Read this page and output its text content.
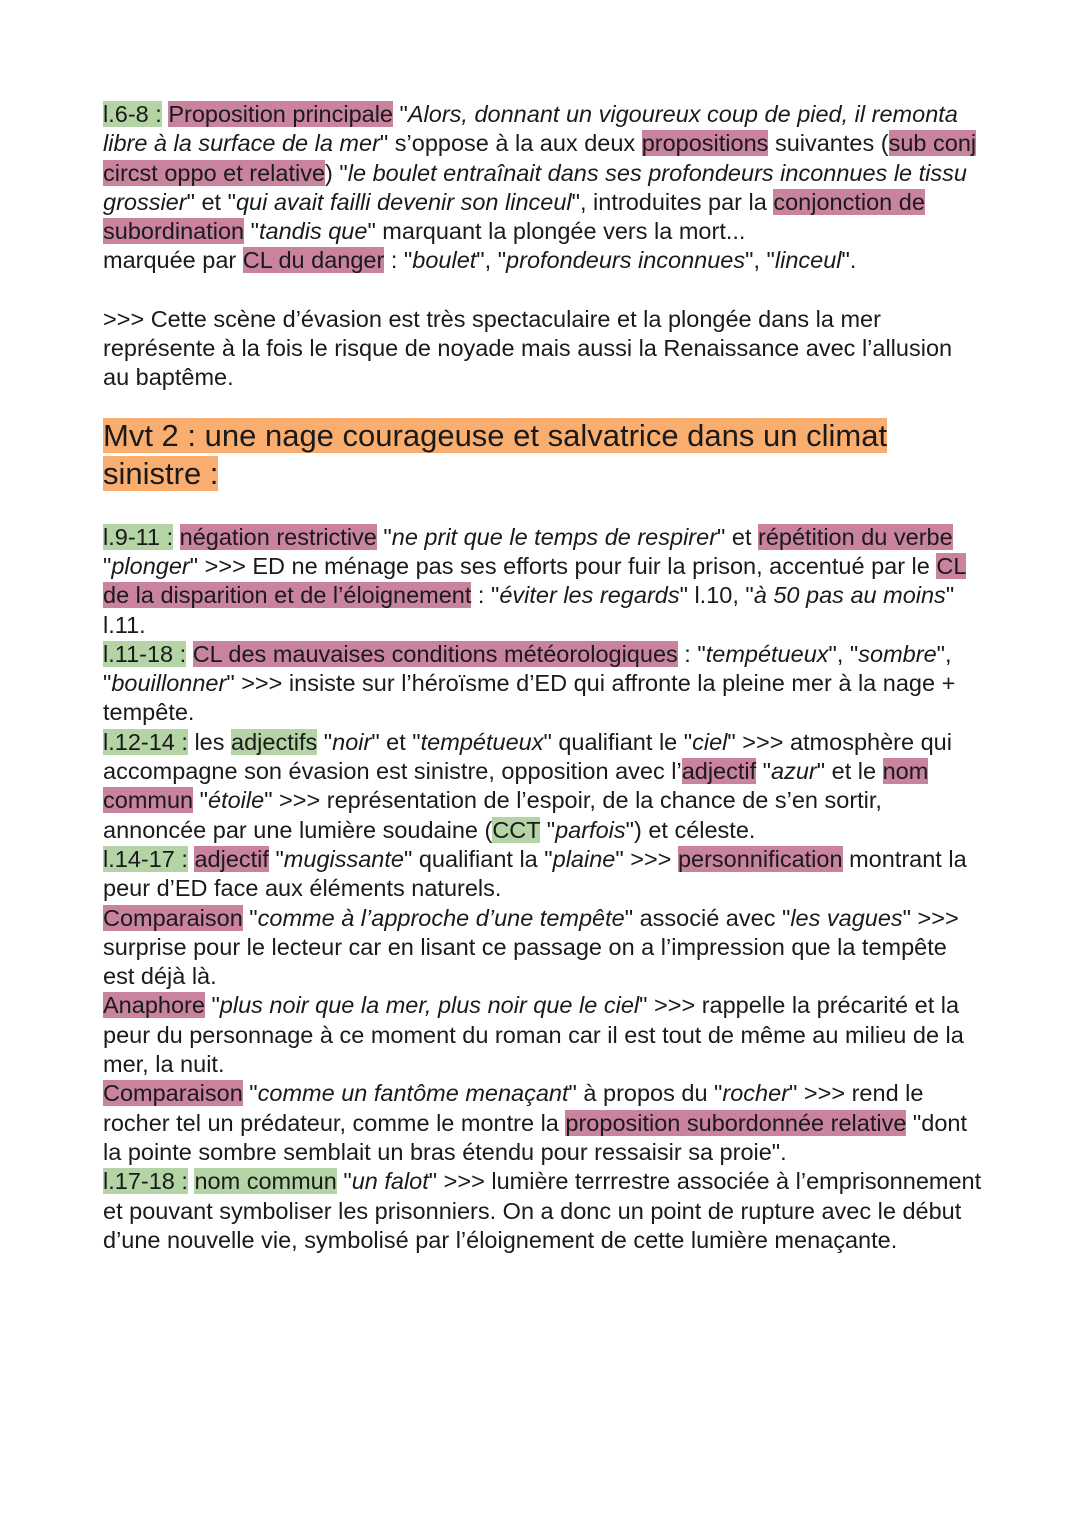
l.6-8 : Proposition principale "Alors, donnant un vigoureux coup de pied, il remonta libre à la surface de la mer" s’oppose à la aux deux propositions suivantes (sub conj circst oppo et relative) "le boulet entraînait dans ses profondeurs inconnues le tissu grossier" et "qui avait failli devenir son linceul", introduites par la conjonction de subordination "tandis que" marquant la plongée vers la mort...
marquée par CL du danger : "boulet", "profondeurs inconnues", "linceul".

>>> Cette scène d’évasion est très spectaculaire et la plongée dans la mer représente à la fois le risque de noyade mais aussi la Renaissance avec l’allusion au baptême.

Mvt 2 : une nage courageuse et salvatrice dans un climat sinistre :

l.9-11 : négation restrictive "ne prit que le temps de respirer" et répétition du verbe "plonger" >>> ED ne ménage pas ses efforts pour fuir la prison, accentué par le CL de la disparition et de l’éloignement : "éviter les regards" l.10, "à 50 pas au moins" l.11.
l.11-18 : CL des mauvaises conditions météorologiques : "tempétueux", "sombre", "bouillonner" >>> insiste sur l’héroïsme d’ED qui affronte la pleine mer à la nage + tempête.
l.12-14 : les adjectifs "noir" et "tempétueux" qualifiant le "ciel" >>> atmosphère qui accompagne son évasion est sinistre, opposition avec l’adjectif "azur" et le nom commun "étoile" >>> représentation de l’espoir, de la chance de s’en sortir, annoncée par une lumière soudaine (CCT "parfois") et céleste.
l.14-17 : adjectif "mugissante" qualifiant la "plaine" >>> personnification montrant la peur d’ED face aux éléments naturels.
Comparaison "comme à l’approche d’une tempête" associé avec "les vagues" >>> surprise pour le lecteur car en lisant ce passage on a l’impression que la tempête est déjà là.
Anaphore "plus noir que la mer, plus noir que le ciel" >>> rappelle la précarité et la peur du personnage à ce moment du roman car il est tout de même au milieu de la mer, la nuit.
Comparaison "comme un fantôme menaçant" à propos du "rocher" >>> rend le rocher tel un prédateur, comme le montre la proposition subordonnée relative "dont la pointe sombre semblait un bras étendu pour ressaisir sa proie".
l.17-18 : nom commun "un falot" >>> lumière terrrestre associée à l’emprisonnement et pouvant symboliser les prisonniers. On a donc un point de rupture avec le début d’une nouvelle vie, symbolisé par l’éloignement de cette lumière menaçante.
